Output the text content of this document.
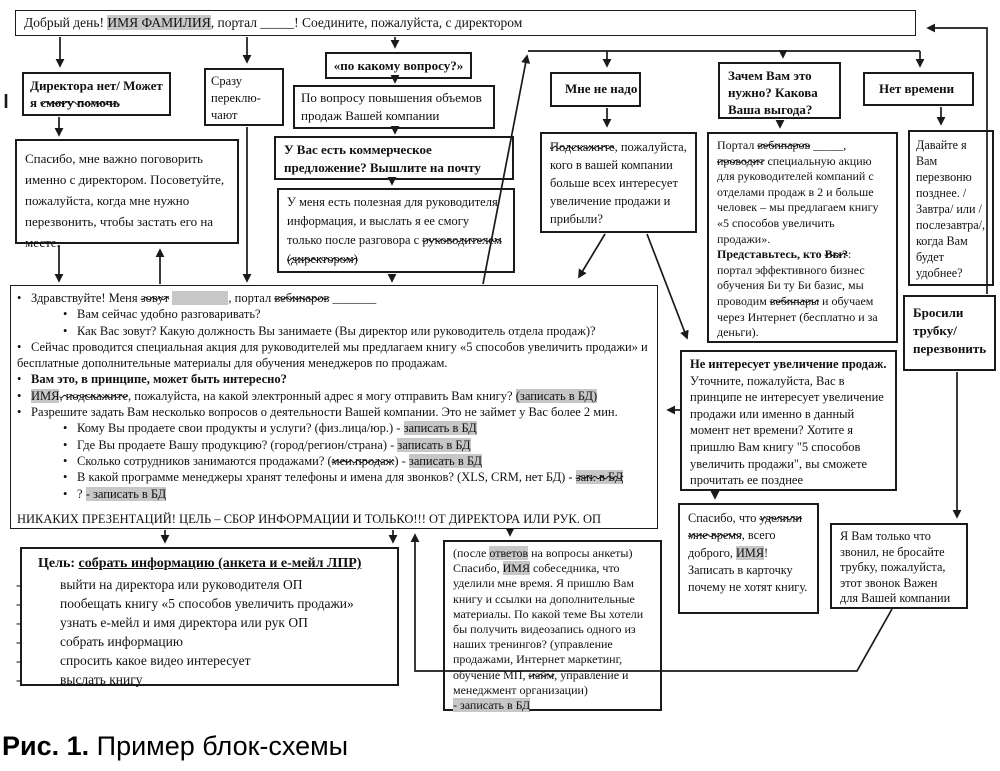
Добрый день! ИМЯ ФАМИЛИЯ, портал _____! Соедините, пожалуйста, с директором
Директора нет/ Может я смогу помочь
Сразу переклю-чают
«по какому вопросу?»
По вопросу повышения объемов продаж Вашей компании
Мне не надо
Зачем Вам это нужно? Какова Ваша выгода?
Нет времени
Спасибо, мне важно поговорить именно с директором. Посоветуйте, пожалуйста, когда мне нужно перезвонить, чтобы застать его на месте.
У Вас есть коммерческое предложение? Вышлите на почту
У меня есть полезная для руководителя информация, и выслать я ее смогу только после разговора с руководителем (директором)
Подскажите, пожалуйста, кого в вашей компании больше всех интересует увеличение продажи и прибыли?
Портал вебинаров _____, проводит специальную акцию для руководителей компаний с отделами продаж в 2 и больше человек – мы предлагаем книгу «5 способов увеличить продажи».
Представьтесь, кто Вы?: портал эффективного бизнес обучения Би ту Би базис, мы проводим вебинары и обучаем через Интернет (бесплатно и за деньги).
Давайте я Вам перезвоню позднее. /Завтра/ или /послезавтра/, когда Вам будет удобнее?
Бросили трубку/ перезвонить
Не интересует увеличение продаж. Уточните, пожалуйста, Вас в принципе не интересует увеличение продажи или именно в данный момент нет времени? Хотите я пришлю Вам книгу "5 способов увеличить продажи", вы сможете прочитать ее позднее
• Здравствуйте! Меня зовут	, портал вебинаров _______
• Вам сейчас удобно разговаривать?
• Как Вас зовут? Какую должность Вы занимаете (Вы директор или руководитель отдела продаж)?
• Сейчас проводится специальная акция для руководителей мы предлагаем книгу «5 способов увеличить продажи» и бесплатные дополнительные материалы для обучения менеджеров по продажам.
• Вам это, в принципе, может быть интересно?
• ИМЯ, подскажите, пожалуйста, на какой электронный адрес я могу отправить Вам книгу? (записать в БД)
• Разрешите задать Вам несколько вопросов о деятельности Вашей компании. Это не займет у Вас более 2 мин.
• Кому Вы продаете свои продукты и услуги? (физ.лица/юр.) - записать в БД
• Где Вы продаете Вашу продукцию? (город/регион/страна) - записать в БД
• Сколько сотрудников занимаются продажами? (мен.продаж) - записать в БД
• В какой программе менеджеры хранят телефоны и имена для звонков? (XLS, CRM, нет БД) - зап. в БД
• ? - записать в БД
НИКАКИХ ПРЕЗЕНТАЦИЙ! ЦЕЛЬ – СБОР ИНФОРМАЦИИ И ТОЛЬКО!!! ОТ ДИРЕКТОРА ИЛИ РУК. ОП
Цель: собрать информацию (анкета и е-мейл ЛПР)
-	выйти на директора или руководителя ОП
-	пообещать книгу «5 способов увеличить продажи»
-	узнать е-мейл и имя директора или рук ОП
-	собрать информацию
-	спросить какое видео интересует
-	выслать книгу
(после ответов на вопросы анкеты) Спасибо, ИМЯ собеседника, что уделили мне время. Я пришлю Вам книгу и ссылки на дополнительные материалы. По какой теме Вы хотели бы получить видеозапись одного из наших тренингов? (управление продажами, Интернет маркетинг, обучение МП, найм, управление и менеджмент организации)
- записать в БД
Спасибо, что уделили мне время, всего доброго, ИМЯ!
Записать в карточку почему не хотят книгу.
Я Вам только что звонил, не бросайте трубку, пожалуйста, этот звонок Важен для Вашей компании
Рис. 1. Пример блок-схемы
